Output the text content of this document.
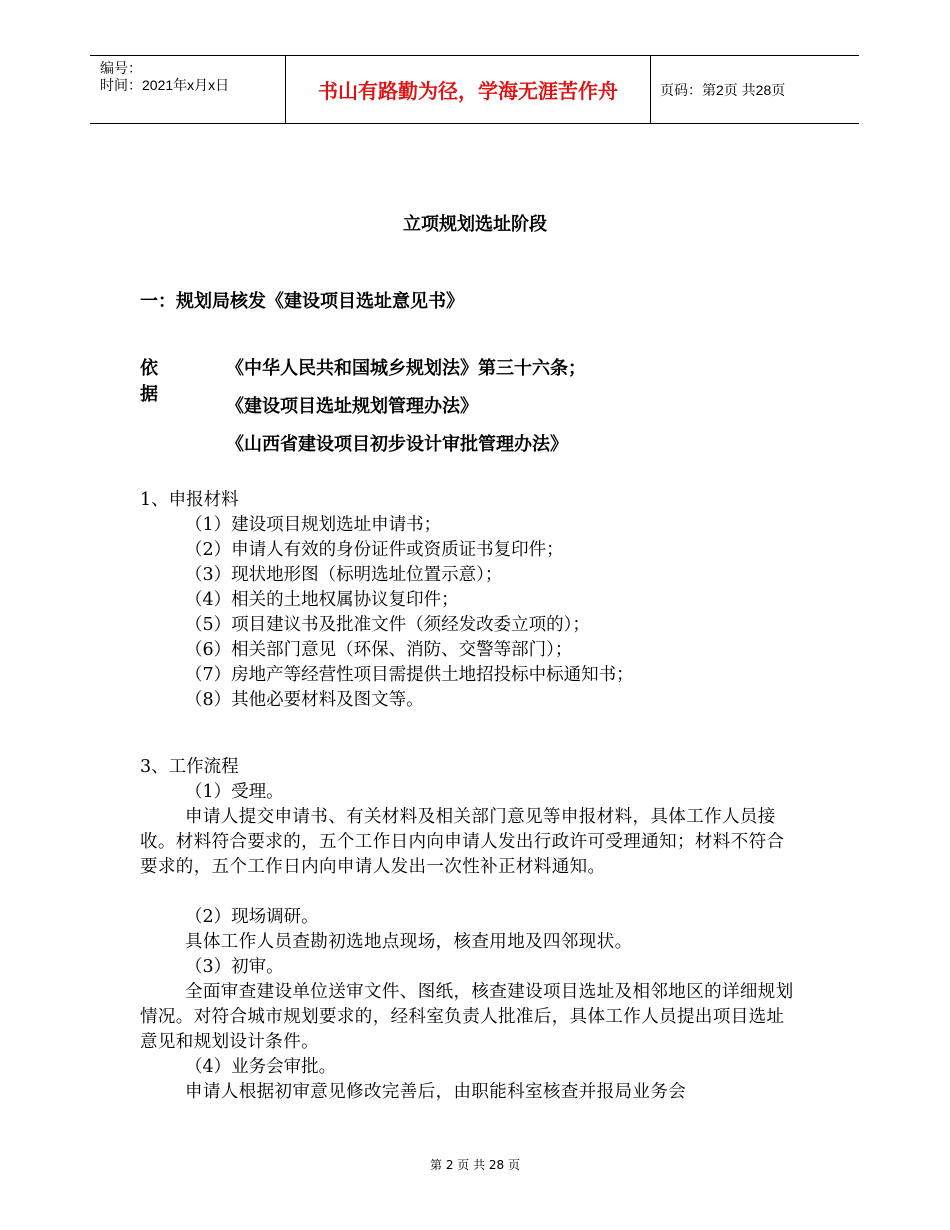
编号：
时间：2021年x月x日	书山有路勤为径，学海无涯苦作舟	页码：第2页 共28页
立项规划选址阶段
一：规划局核发《建设项目选址意见书》
依据
《中华人民共和国城乡规划法》第三十六条；
《建设项目选址规划管理办法》
《山西省建设项目初步设计审批管理办法》
1、申报材料
（1）建设项目规划选址申请书；
（2）申请人有效的身份证件或资质证书复印件；
（3）现状地形图（标明选址位置示意）；
（4）相关的土地权属协议复印件；
（5）项目建议书及批准文件（须经发改委立项的）；
（6）相关部门意见（环保、消防、交警等部门）；
（7）房地产等经营性项目需提供土地招投标中标通知书；
（8）其他必要材料及图文等。
3、工作流程
（1）受理。
申请人提交申请书、有关材料及相关部门意见等申报材料，具体工作人员接收。材料符合要求的，五个工作日内向申请人发出行政许可受理通知；材料不符合要求的，五个工作日内向申请人发出一次性补正材料通知。
（2）现场调研。
具体工作人员查勘初选地点现场，核查用地及四邻现状。
（3）初审。
全面审查建设单位送审文件、图纸，核查建设项目选址及相邻地区的详细规划情况。对符合城市规划要求的，经科室负责人批准后，具体工作人员提出项目选址意见和规划设计条件。
（4）业务会审批。
申请人根据初审意见修改完善后，由职能科室核查并报局业务会
第 2 页 共 28 页
